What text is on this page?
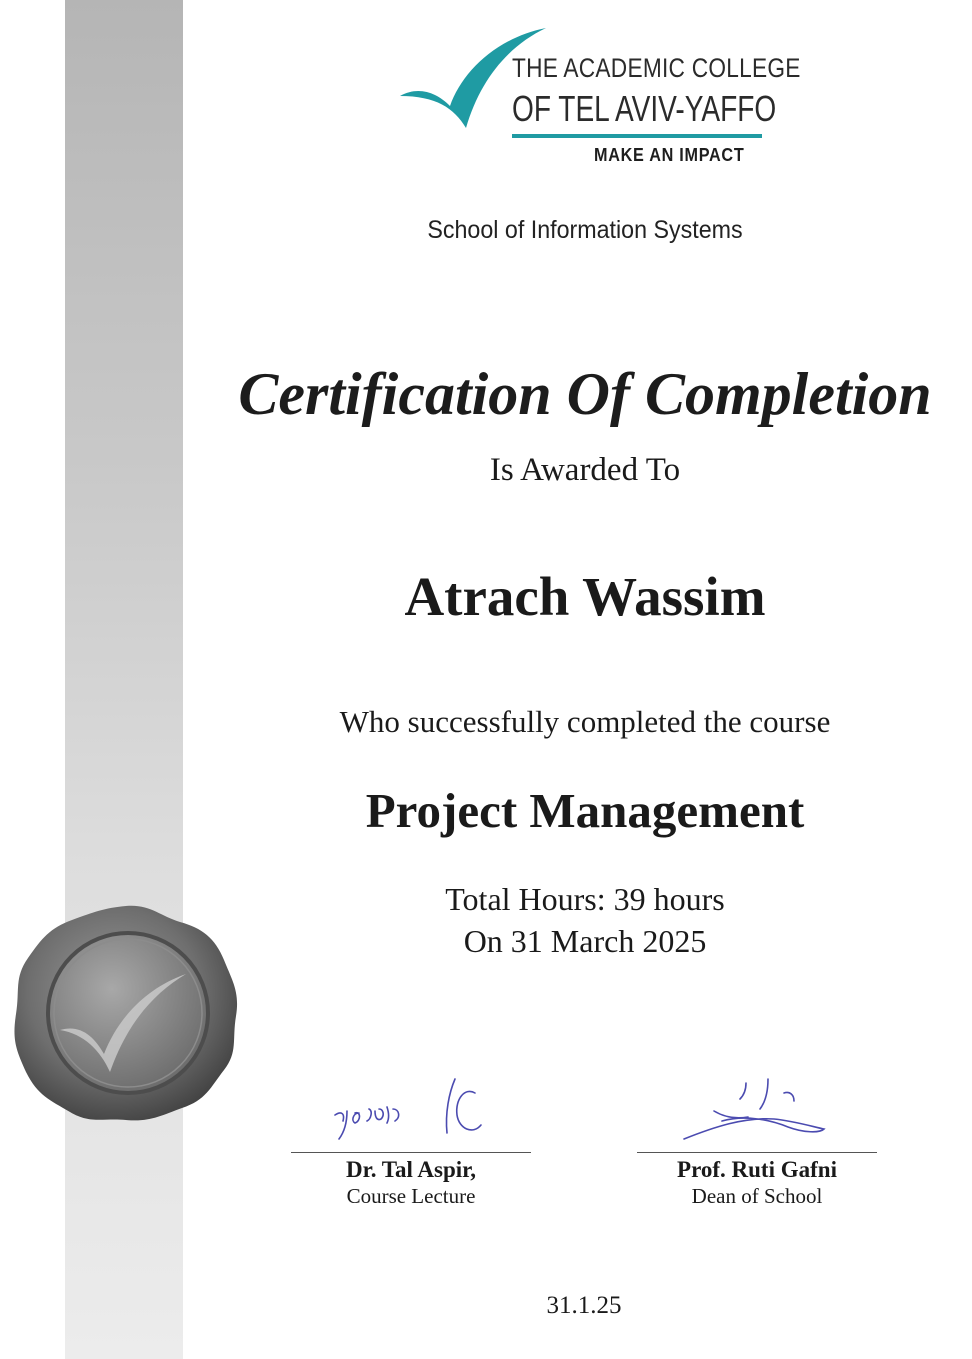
THE ACADEMIC COLLEGE
OF TEL AVIV-YAFFO
MAKE AN IMPACT
School of Information Systems
Certification Of Completion
Is Awarded To
Atrach Wassim
Who successfully completed the course
Project Management
Total Hours: 39 hours
On 31 March 2025
Dr. Tal Aspir,
Course Lecture
Prof. Ruti Gafni
Dean of School
31.1.25
